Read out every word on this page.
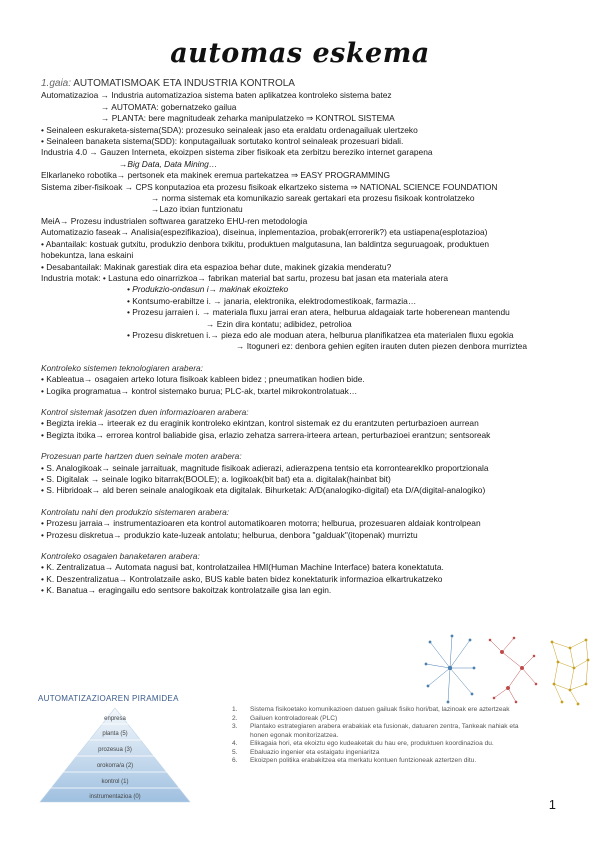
automas eskema
1.gaia: AUTOMATISMOAK ETA INDUSTRIA KONTROLA
Automatizazioa → Industria automatizazioa sistema baten aplikatzea kontroleko sistema batez
→ AUTOMATA: gobernatzeko gailua
→ PLANTA: bere magnitudeak zeharka manipulatzeko ⇒ KONTROL SISTEMA
• Seinaleen eskuraketa-sistema(SDA): prozesuko seinaleak jaso eta eraldatu ordenagailuak ulertzeko
• Seinaleen banaketa sistema(SDD): konputagailuak sortutako kontrol seinaleak prozesuari bidali.
Industria 4.0 → Gauzen Interneta, ekoizpen sistema ziber fisikoak eta zerbitzu bereziko internet garapena
→Big Data, Data Mining…
Elkarlaneko robotika→ pertsonek eta makinek eremua partekatzea ⇒ EASY PROGRAMMING
Sistema ziber-fisikoak → CPS konputazioa eta prozesu fisikoak elkartzeko sistema ⇒ NATIONAL SCIENCE FOUNDATION
→ norma sistemak eta komunikazio sareak gertakari eta prozesu fisikoak kontrolatzeko
→Lazo itxian funtzionatu
MeiA→ Prozesu industrialen softwarea garatzeko EHU-ren metodologia
Automatizazio faseak→ Analisia(espezifikazioa), diseinua, inplementazioa, probak(errorerik?) eta ustiapena(esplotazioa)
• Abantailak: kostuak gutxitu, produkzio denbora txikitu, produktuen malgutasuna, lan baldintza seguruagoak, produktuen
hobekuntza, lana eskaini
• Desabantailak: Makinak garestiak dira eta espazioa behar dute, makinek gizakia menderatu?
Industria motak: • Lastuna edo oinarrizkoa→ fabrikan material bat sartu, prozesu bat jasan eta materiala atera
• Produkzio-ondasun i→ makinak ekoizteko
• Kontsumo-erabiltze i. → janaria, elektronika, elektrodomestikoak, farmazia…
• Prozesu jarraien i. → materiala fluxu jarrai eran atera, helburua aldagaiak tarte hoberenean mantendu
→ Ezin dira kontatu; adibidez, petrolioa
• Prozesu diskretuen i.→ pieza edo ale moduan atera, helburua planifikatzea eta materialen fluxu egokia
→ Itoguneri ez: denbora gehien egiten irauten duten piezen denbora murriztea
Kontroleko sistemen teknologiaren arabera:
• Kableatua→ osagaien arteko lotura fisikoak kableen bidez ; pneumatikan hodien bide.
• Logika programatua→ kontrol sistemako burua; PLC-ak, txartel mikrokontrolatuak…
Kontrol sistemak jasotzen duen informazioaren arabera:
• Begizta irekia→ irteerak ez du eraginik kontroleko ekintzan, kontrol sistemak ez du erantzuten perturbazioen aurrean
• Begizta itxika→ errorea kontrol baliabide gisa, erlazio zehatza sarrera-irteera artean, perturbazioei erantzun; sentsoreak
Prozesuan parte hartzen duen seinale moten arabera:
• S. Analogikoak→ seinale jarraituak, magnitude fisikoak adierazi, adierazpena tentsio eta korronteareklko proportzionala
• S. Digitalak → seinale logiko bitarrak(BOOLE); a. logikoak(bit bat) eta a. digitalak(hainbat bit)
• S. Hibridoak→ ald beren seinale analogikoak eta digitalak. Bihurketak: A/D(analogiko-digital) eta D/A(digital-analogiko)
Kontrolatu nahi den produkzio sistemaren arabera:
• Prozesu jarraia→ instrumentazioaren eta kontrol automatikoaren motorra; helburua, prozesuaren aldaiak kontrolpean
• Prozesu diskretua→ produkzio kate-luzeak antolatu; helburua, denbora "galduak"(itopenak) murriztu
Kontroleko osagaien banaketaren arabera:
• K. Zentralizatua→ Automata nagusi bat, kontrolatzailea HMI(Human Machine Interface) batera konektatuta.
• K. Deszentralizatua→ Kontrolatzaile asko, BUS kable baten bidez konektaturik informazioa elkartrukatzeko
• K. Banatua→ eragingailu edo sentsore bakoitzak kontrolatzaile gisa lan egin.
AUTOMATIZAZIOAREN PIRAMIDEA
enpresa
planta (5)
prozesua (3)
orokorra/a (2)
kontrol (1)
instrumentazioa (0)
1.	Sistema fisikoetako komunikazioen datuen gailuak fisiko hori/bat, lazinoak ere aztertzeak
2.	Gailuen kontroladoreak (PLC)
3.	Plantako estrategiaren arabera erabakiak eta fusionak, datuaren zentra, Tankeak nahiak eta honen egonak monitorizatzea.
4.	Elikagaia hori, eta ekoiztu ego kudeaketak du hau ere, produktuen koordinazioa du.
5.	Ebaluazio ingenier eta estaigatu ingeniaritza
6.	Ekoizpen politika erabakitzea eta merkatu kontuen funtzioneak aztertzen ditu.
1
